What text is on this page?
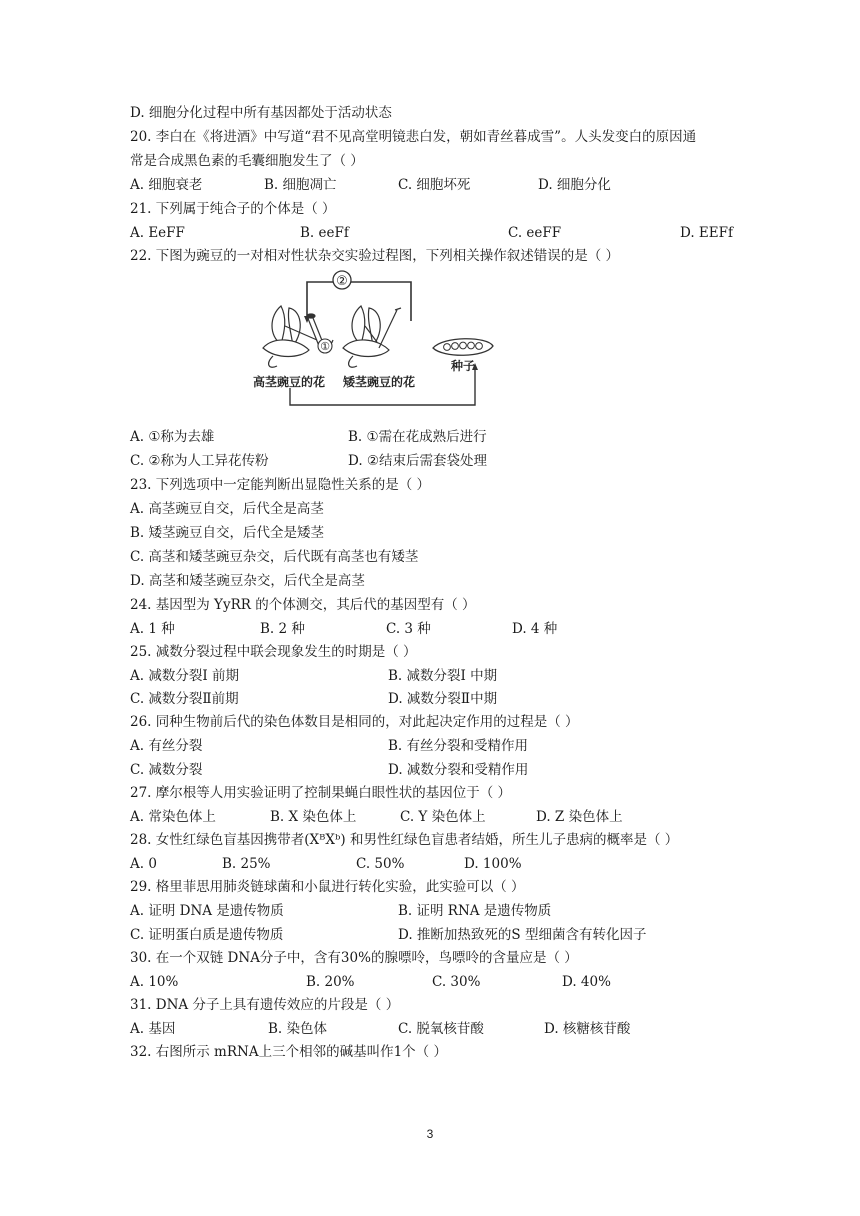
D. 细胞分化过程中所有基因都处于活动状态
20. 李白在《将进酒》中写道“君不见高堂明镜悲白发，朝如青丝暮成雪”。人头发变白的原因通
常是合成黑色素的毛囊细胞发生了（ ）
A. 细胞衰老	B. 细胞凋亡	C. 细胞坏死	D. 细胞分化
21. 下列属于纯合子的个体是（ ）
A. EeFF	B. eeFf	C. eeFF	D. EEFf
22. 下图为豌豆的一对相对性状杂交实验过程图，下列相关操作叙述错误的是（ ）
②
①
高茎豌豆的花 矮茎豌豆的花
种子
A. ①称为去雄	B. ①需在花成熟后进行
C. ②称为人工异花传粉	D. ②结束后需套袋处理
23. 下列选项中一定能判断出显隐性关系的是（ ）
A. 高茎豌豆自交，后代全是高茎
B. 矮茎豌豆自交，后代全是矮茎
C. 高茎和矮茎豌豆杂交，后代既有高茎也有矮茎
D. 高茎和矮茎豌豆杂交，后代全是高茎
24. 基因型为 YyRR 的个体测交，其后代的基因型有（ ）
A. 1 种	B. 2 种	C. 3 种	D. 4 种
25. 减数分裂过程中联会现象发生的时期是（ ）
A. 减数分裂Ⅰ 前期	B. 减数分裂Ⅰ 中期
C. 减数分裂Ⅱ前期	D. 减数分裂Ⅱ中期
26. 同种生物前后代的染色体数目是相同的，对此起决定作用的过程是（ ）
A. 有丝分裂	B. 有丝分裂和受精作用
C. 减数分裂	D. 减数分裂和受精作用
27. 摩尔根等人用实验证明了控制果蝇白眼性状的基因位于（ ）
A. 常染色体上	B. X 染色体上	C. Y 染色体上	D. Z 染色体上
28. 女性红绿色盲基因携带者(XᴮXᵇ) 和男性红绿色盲患者结婚，所生儿子患病的概率是（ ）
A. 0	B. 25%	C. 50%	D. 100%
29. 格里菲思用肺炎链球菌和小鼠进行转化实验，此实验可以（ ）
A. 证明 DNA 是遗传物质	B. 证明 RNA 是遗传物质
C. 证明蛋白质是遗传物质	D. 推断加热致死的S 型细菌含有转化因子
30. 在一个双链 DNA分子中，含有30%的腺嘌呤，鸟嘌呤的含量应是（ ）
A. 10%	B. 20%	C. 30%	D. 40%
31. DNA 分子上具有遗传效应的片段是（ ）
A. 基因	B. 染色体	C. 脱氧核苷酸	D. 核糖核苷酸
32. 右图所示 mRNA上三个相邻的碱基叫作1个（ ）
3
